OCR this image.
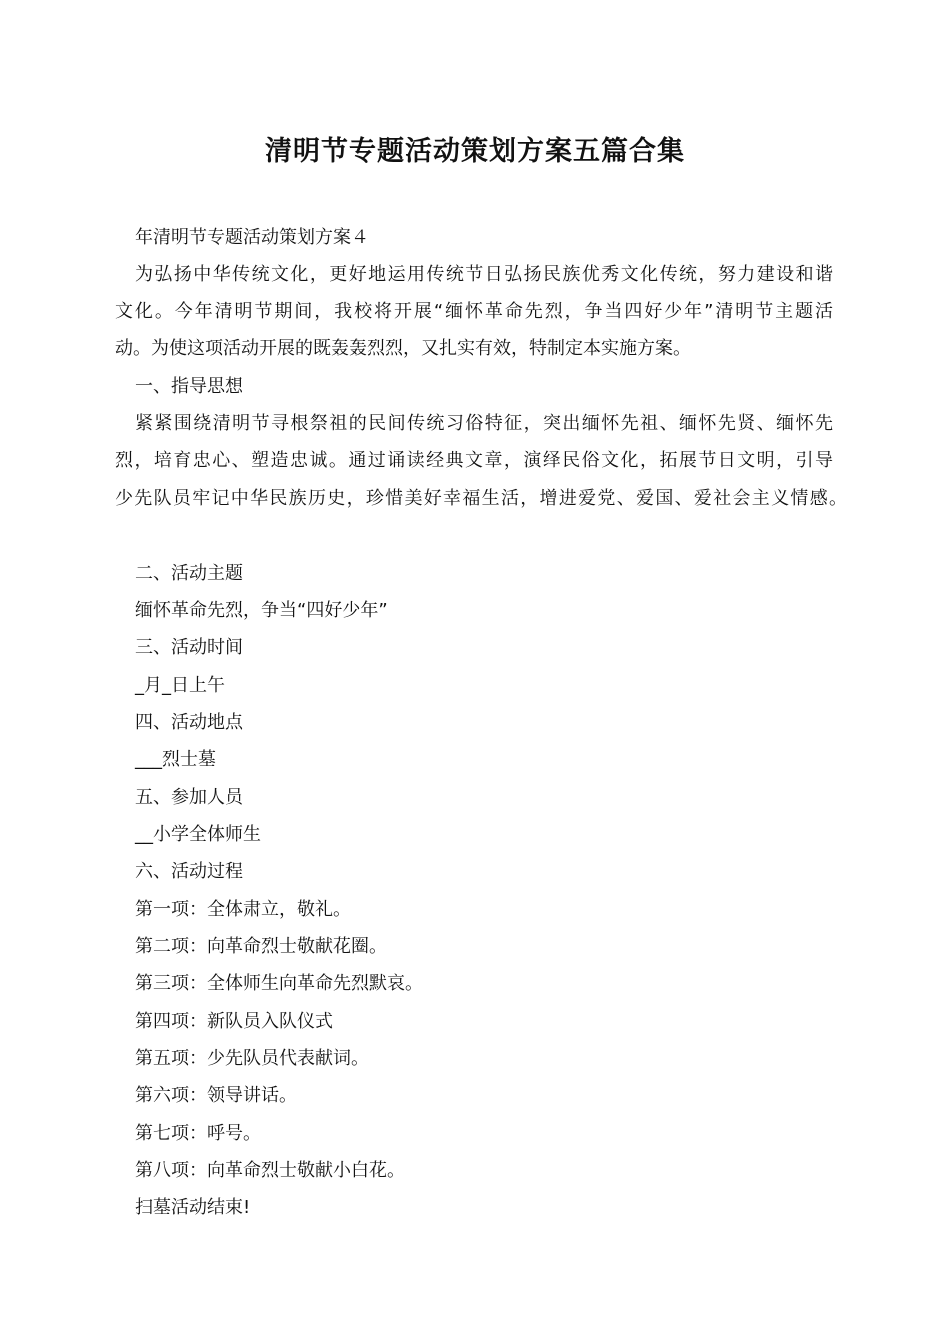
清明节专题活动策划方案五篇合集
年清明节专题活动策划方案４
为弘扬中华传统文化，更好地运用传统节日弘扬民族优秀文化传统，努力建设和谐
文化。今年清明节期间，我校将开展“缅怀革命先烈，争当四好少年”清明节主题活
动。为使这项活动开展的既轰轰烈烈，又扎实有效，特制定本实施方案。
一、指导思想
紧紧围绕清明节寻根祭祖的民间传统习俗特征，突出缅怀先祖、缅怀先贤、缅怀先
烈，培育忠心、塑造忠诚。通过诵读经典文章，演绎民俗文化，拓展节日文明，引导
少先队员牢记中华民族历史，珍惜美好幸福生活，增进爱党、爱国、爱社会主义情感。
二、活动主题
缅怀革命先烈，争当“四好少年”
三、活动时间
_月_日上午
四、活动地点
___烈士墓
五、参加人员
__小学全体师生
六、活动过程
第一项：全体肃立，敬礼。
第二项：向革命烈士敬献花圈。
第三项：全体师生向革命先烈默哀。
第四项：新队员入队仪式
第五项：少先队员代表献词。
第六项：领导讲话。
第七项：呼号。
第八项：向革命烈士敬献小白花。
扫墓活动结束!
